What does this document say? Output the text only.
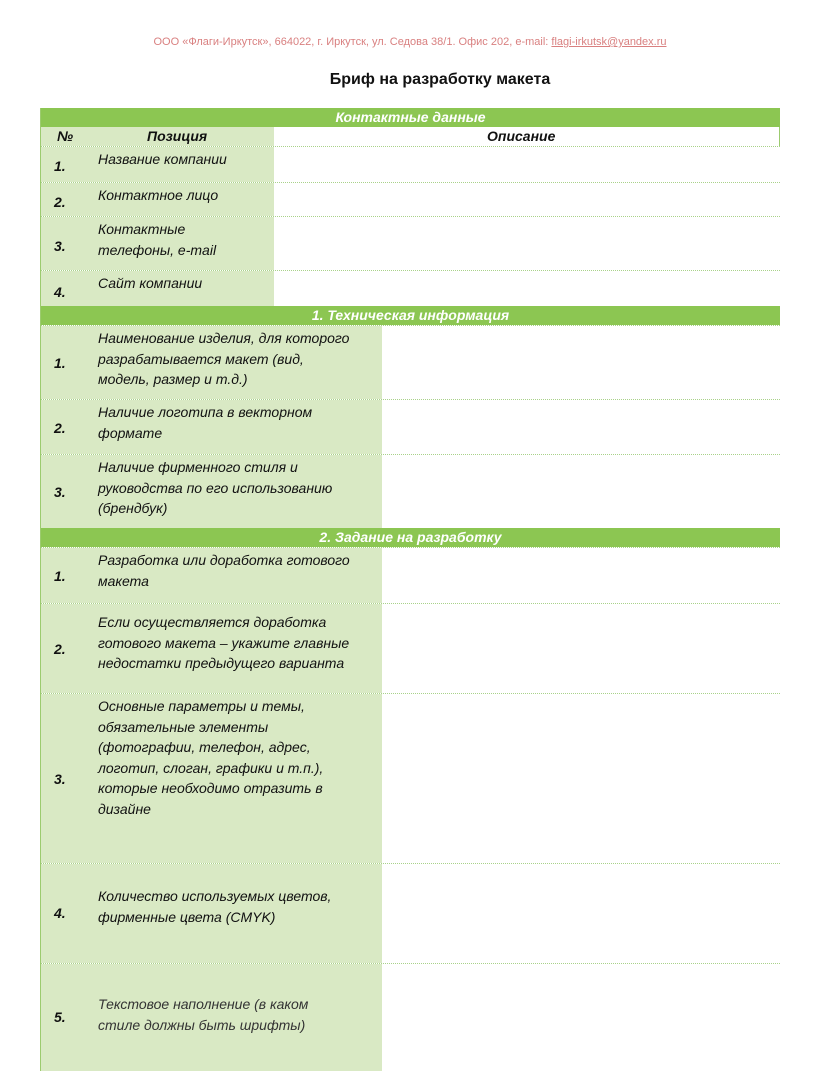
ООО «Флаги-Иркутск», 664022, г. Иркутск, ул. Седова 38/1. Офис 202, e-mail: flagi-irkutsk@yandex.ru
Бриф на разработку макета
Контактные данные
№	Позиция	Описание
1. Название компании
2. Контактное лицо
3.
Контактные
телефоны, e-mail
4.
Сайт компании
1. Техническая информация
1.
Наименование изделия, для которого
разрабатывается макет (вид,
модель, размер и т.д.)
2.
Наличие логотипа в векторном
формате
3.
Наличие фирменного стиля и
руководства по его использованию
(брендбук)
2. Задание на разработку
1.
Разработка или доработка готового
макета
2.
Если осуществляется доработка
готового макета – укажите главные
недостатки предыдущего варианта
3.
Основные параметры и темы,
обязательные элементы
(фотографии, телефон, адрес,
логотип, слоган, графики и т.п.),
которые необходимо отразить в
дизайне
4.
Количество используемых цветов,
фирменные цвета (CMYK)
5.
Текстовое наполнение (в каком
стиле должны быть шрифты)
